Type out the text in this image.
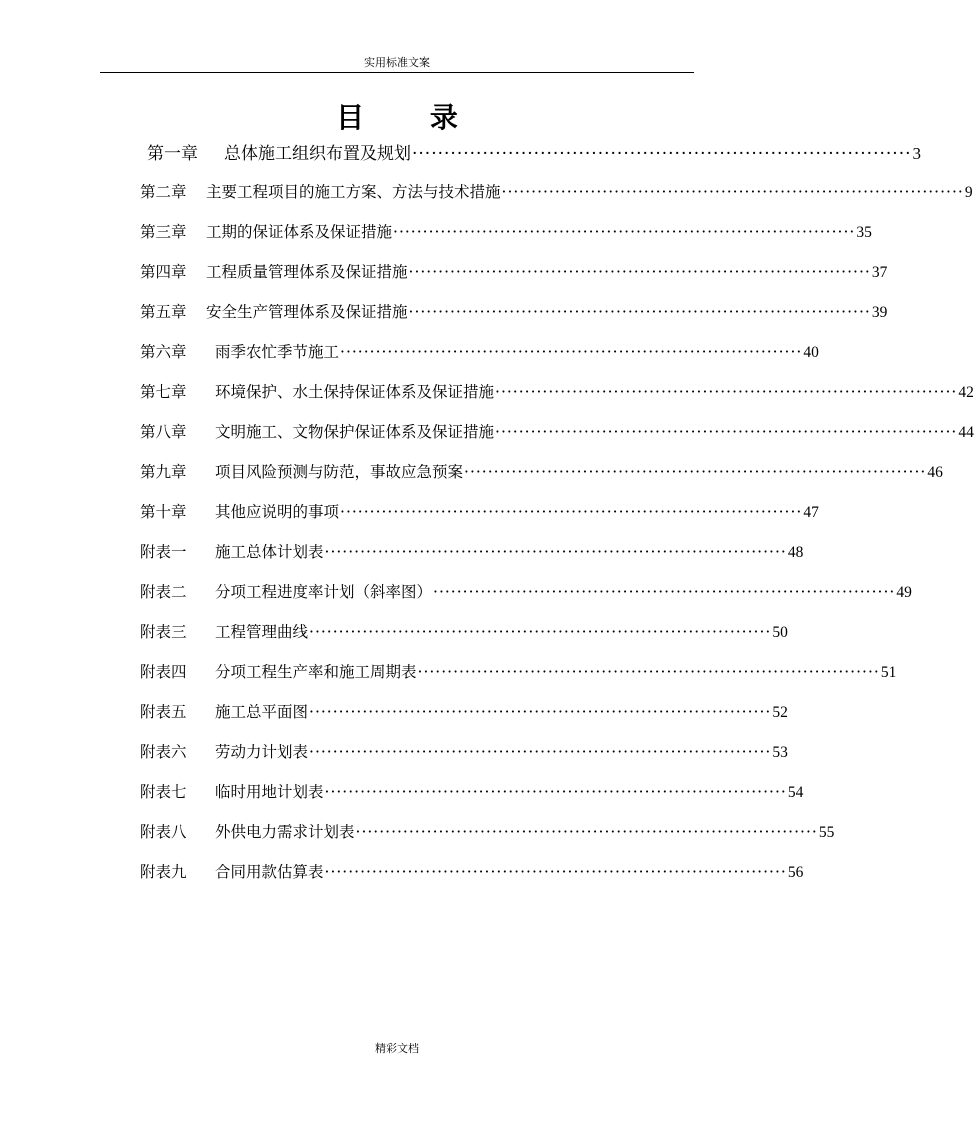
实用标准文案
目 录
第一章	总体施工组织布置及规划 ·············································································· 3
第二章	主要工程项目的施工方案、方法与技术措施 ·············································································· 9
第三章	工期的保证体系及保证措施 ·············································································· 35
第四章	工程质量管理体系及保证措施 ·············································································· 37
第五章	安全生产管理体系及保证措施 ·············································································· 39
第六章	雨季农忙季节施工 ·············································································· 40
第七章	环境保护、水土保持保证体系及保证措施 ·············································································· 42
第八章	文明施工、文物保护保证体系及保证措施 ·············································································· 44
第九章	项目风险预测与防范，事故应急预案 ·············································································· 46
第十章	其他应说明的事项 ·············································································· 47
附表一	施工总体计划表 ·············································································· 48
附表二	分项工程进度率计划（斜率图） ·············································································· 49
附表三	工程管理曲线 ·············································································· 50
附表四	分项工程生产率和施工周期表 ·············································································· 51
附表五	施工总平面图 ·············································································· 52
附表六	劳动力计划表 ·············································································· 53
附表七	临时用地计划表 ·············································································· 54
附表八	外供电力需求计划表 ·············································································· 55
附表九	合同用款估算表 ·············································································· 56
精彩文档
